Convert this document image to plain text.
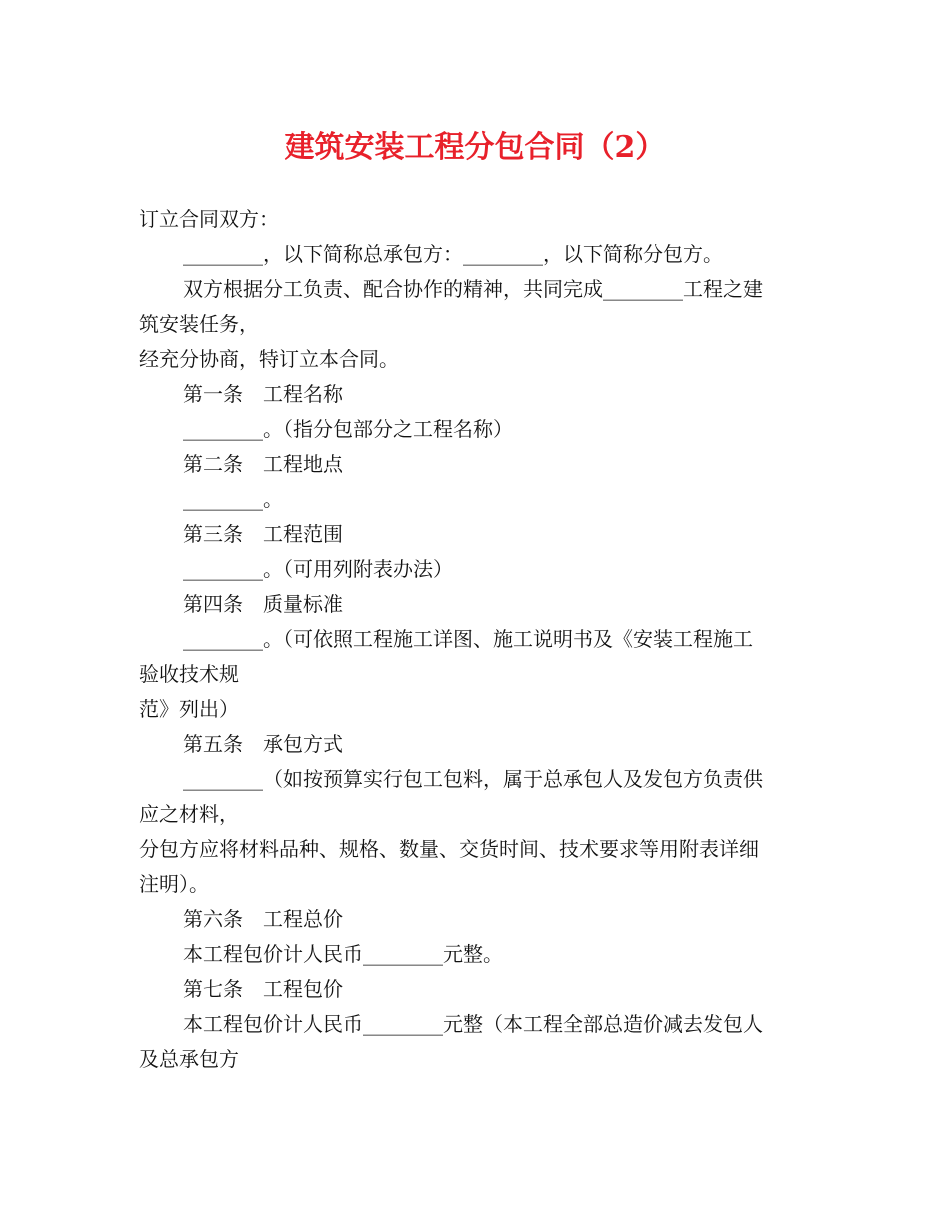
建筑安装工程分包合同（2）
订立合同双方：
________，以下简称总承包方：________，以下简称分包方。
双方根据分工负责、配合协作的精神，共同完成________工程之建
筑安装任务，
经充分协商，特订立本合同。
第一条　工程名称
________。（指分包部分之工程名称）
第二条　工程地点
________。
第三条　工程范围
________。（可用列附表办法）
第四条　质量标准
________。（可依照工程施工详图、施工说明书及《安装工程施工
验收技术规
范》列出）
第五条　承包方式
________（如按预算实行包工包料，属于总承包人及发包方负责供
应之材料，
分包方应将材料品种、规格、数量、交货时间、技术要求等用附表详细
注明）。
第六条　工程总价
本工程包价计人民币________元整。
第七条　工程包价
本工程包价计人民币________元整（本工程全部总造价减去发包人
及总承包方
